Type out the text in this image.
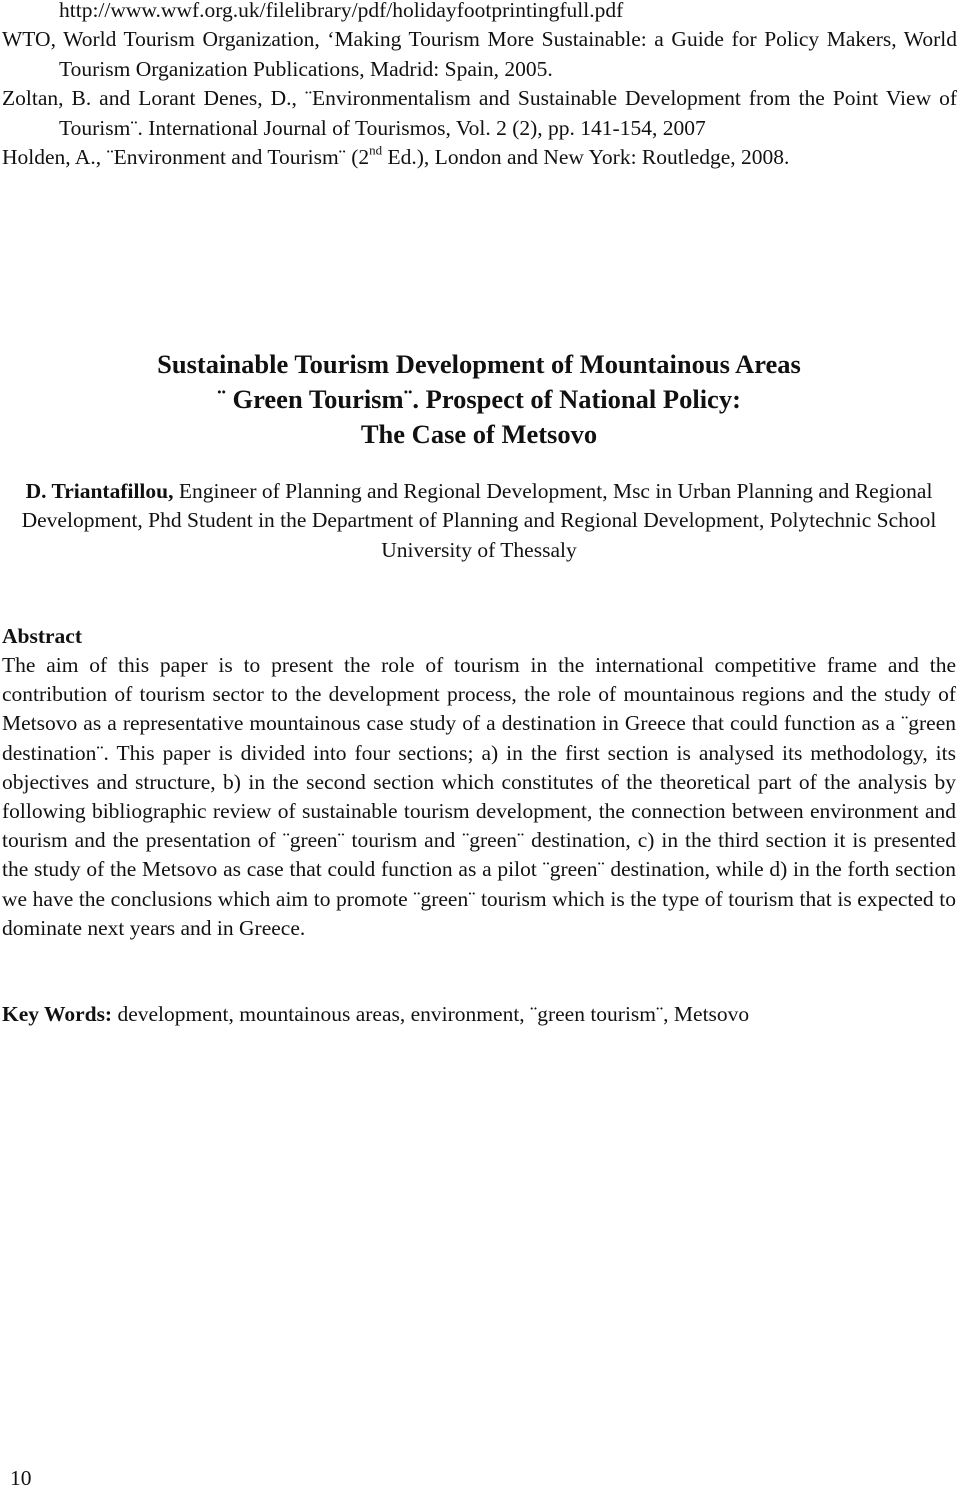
http://www.wwf.org.uk/filelibrary/pdf/holidayfootprintingfull.pdf

WTO, World Tourism Organization, ‘Making Tourism More Sustainable: a Guide for Policy Makers, World Tourism Organization Publications, Madrid: Spain, 2005.

Zoltan, B. and Lorant Denes, D., ¨Environmentalism and Sustainable Development from the Point View of Tourism¨. International Journal of Tourismos, Vol. 2 (2), pp. 141-154, 2007

Holden, A., ¨Environment and Tourism¨ (2nd Ed.), London and New York: Routledge, 2008.

Sustainable Tourism Development of Mountainous Areas
¨ Green Tourism¨. Prospect of National Policy:
The Case of Metsovo

D. Triantafillou, Engineer of Planning and Regional Development, Msc in Urban Planning and Regional Development, Phd Student in the Department of Planning and Regional Development, Polytechnic School University of Thessaly

Abstract

The aim of this paper is to present the role of tourism in the international competitive frame and the contribution of tourism sector to the development process, the role of mountainous regions and the study of Metsovo as a representative mountainous case study of a destination in Greece that could function as a ¨green destination¨. This paper is divided into four sections; a) in the first section is analysed its methodology, its objectives and structure, b) in the second section which constitutes of the theoretical part of the analysis by following bibliographic review of sustainable tourism development, the connection between environment and tourism and the presentation of ¨green¨ tourism and ¨green¨ destination, c) in the third section it is presented the study of the Metsovo as case that could function as a pilot ¨green¨ destination, while d) in the forth section we have the conclusions which aim to promote ¨green¨ tourism which is the type of tourism that is expected to dominate next years and in Greece.

Key Words: development, mountainous areas, environment, ¨green tourism¨, Metsovo

10
